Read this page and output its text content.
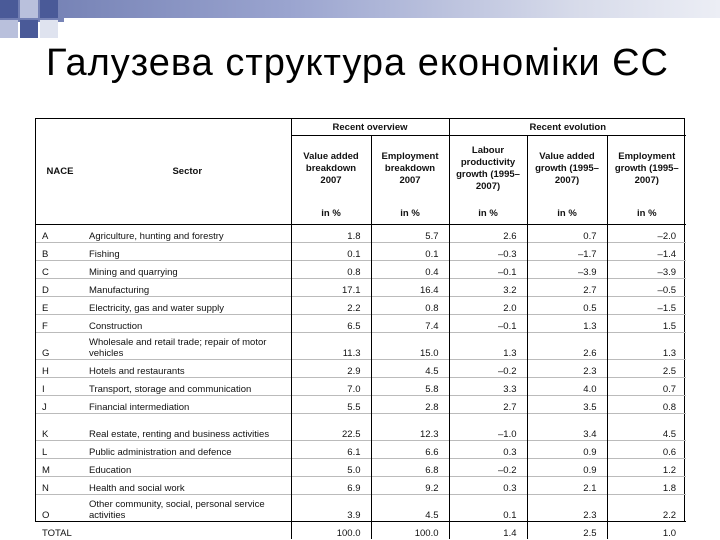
Галузева структура економіки ЄС
NACE	Sector	Recent overview		Recent evolution		
		Value added breakdown 2007	Employment breakdown 2007	Labour productivity growth (1995–2007)	Value added growth (1995–2007)	Employment growth (1995–2007)
		in %	in %	in %	in %	in %
A	Agriculture, hunting and forestry	1.8	5.7	2.6	0.7	–2.0
B	Fishing	0.1	0.1	–0.3	–1.7	–1.4
C	Mining and quarrying	0.8	0.4	–0.1	–3.9	–3.9
D	Manufacturing	17.1	16.4	3.2	2.7	–0.5
E	Electricity, gas and water supply	2.2	0.8	2.0	0.5	–1.5
F	Construction	6.5	7.4	–0.1	1.3	1.5
G	Wholesale and retail trade; repair of motor vehicles	11.3	15.0	1.3	2.6	1.3
H	Hotels and restaurants	2.9	4.5	–0.2	2.3	2.5
I	Transport, storage and communication	7.0	5.8	3.3	4.0	0.7
J	Financial intermediation	5.5	2.8	2.7	3.5	0.8
K	Real estate, renting and business activities	22.5	12.3	–1.0	3.4	4.5
L	Public administration and defence	6.1	6.6	0.3	0.9	0.6
M	Education	5.0	6.8	–0.2	0.9	1.2
N	Health and social work	6.9	9.2	0.3	2.1	1.8
O	Other community, social, personal service activities	3.9	4.5	0.1	2.3	2.2
TOTAL		100.0	100.0	1.4	2.5	1.0
